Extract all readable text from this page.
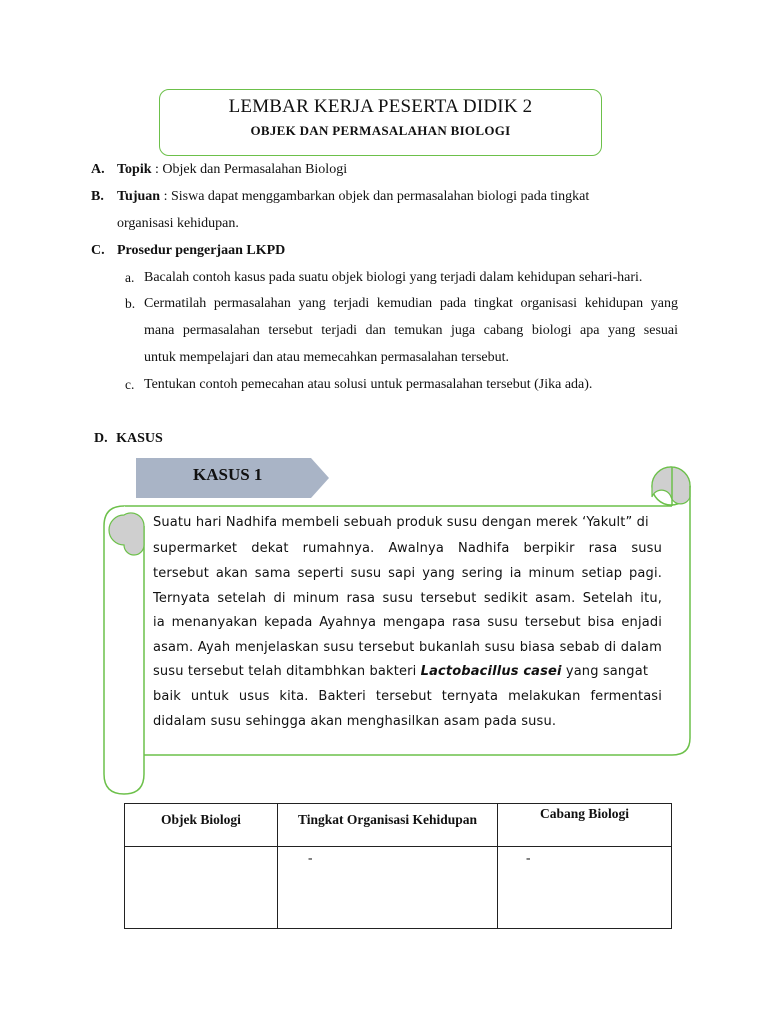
LEMBAR KERJA PESERTA DIDIK 2
OBJEK DAN PERMASALAHAN BIOLOGI
A. Topik : Objek dan Permasalahan Biologi
B. Tujuan : Siswa dapat menggambarkan objek dan permasalahan biologi pada tingkat
organisasi kehidupan.
C. Prosedur pengerjaan LKPD
a. Bacalah contoh kasus pada suatu objek biologi yang terjadi dalam kehidupan sehari-hari.
b. Cermatilah permasalahan yang terjadi kemudian pada tingkat organisasi kehidupan yang
mana permasalahan tersebut terjadi dan temukan juga cabang biologi apa yang sesuai
untuk mempelajari dan atau memecahkan permasalahan tersebut.
c. Tentukan contoh pemecahan atau solusi untuk permasalahan tersebut (Jika ada).
D. KASUS
KASUS 1
Suatu hari Nadhifa membeli sebuah produk susu dengan merek ‘Yakult” di
supermarket dekat rumahnya. Awalnya Nadhifa berpikir rasa susu
tersebut akan sama seperti susu sapi yang sering ia minum setiap pagi.
Ternyata setelah di minum rasa susu tersebut sedikit asam. Setelah itu,
ia menanyakan kepada Ayahnya mengapa rasa susu tersebut bisa enjadi
asam. Ayah menjelaskan susu tersebut bukanlah susu biasa sebab di dalam
susu tersebut telah ditambhkan bakteri Lactobacillus casei yang sangat
baik untuk usus kita. Bakteri tersebut ternyata melakukan fermentasi
didalam susu sehingga akan menghasilkan asam pada susu.
Objek Biologi	Tingkat Organisasi Kehidupan	Cabang Biologi
	-	-
